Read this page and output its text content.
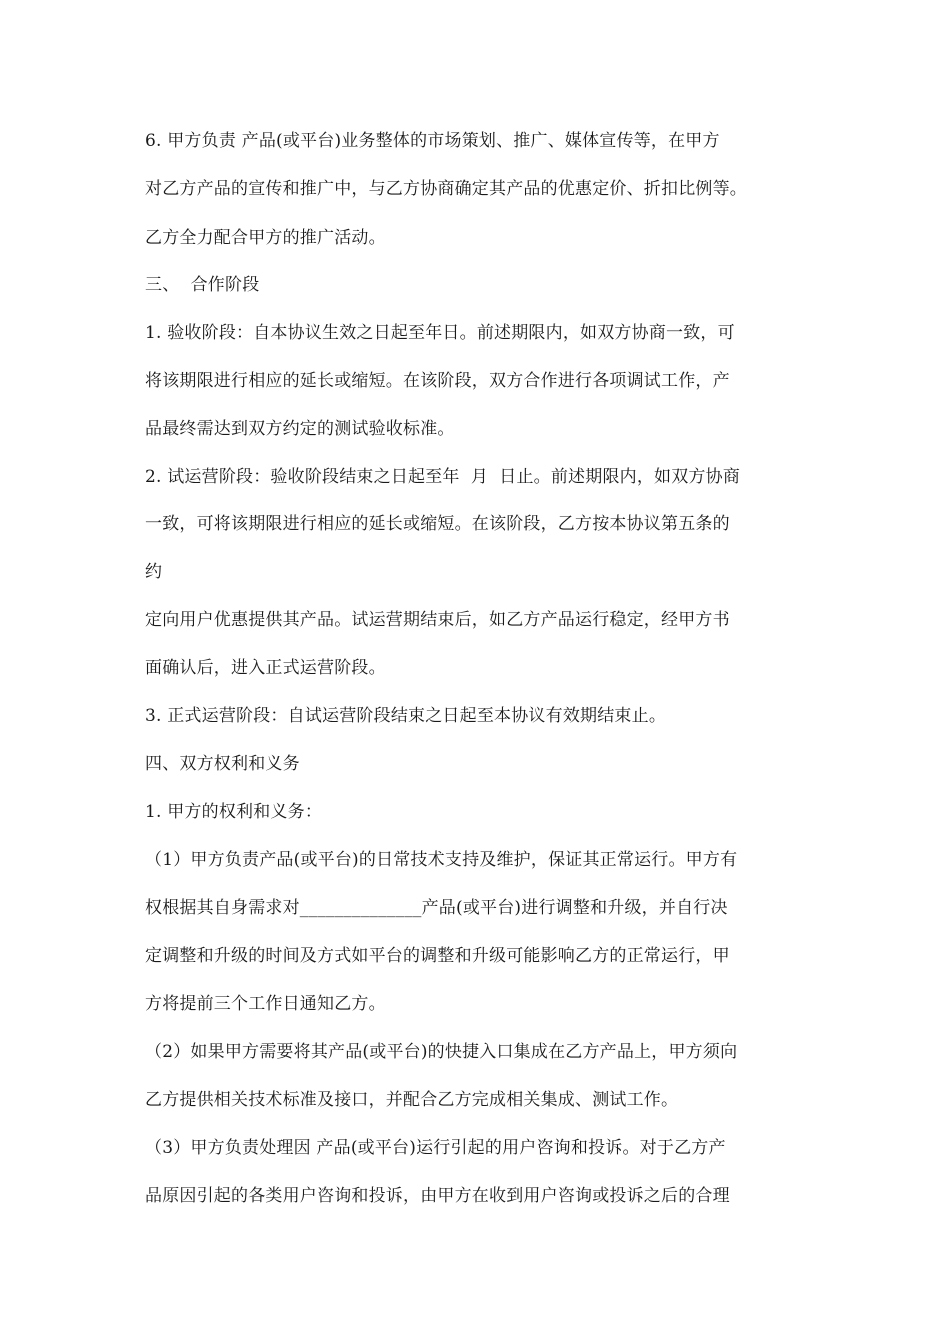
6. 甲方负责 产品(或平台)业务整体的市场策划、推广、媒体宣传等，在甲方
对乙方产品的宣传和推广中，与乙方协商确定其产品的优惠定价、折扣比例等。
乙方全力配合甲方的推广活动。
三、  合作阶段
1. 验收阶段：自本协议生效之日起至年日。前述期限内，如双方协商一致，可
将该期限进行相应的延长或缩短。在该阶段，双方合作进行各项调试工作，产
品最终需达到双方约定的测试验收标准。
2. 试运营阶段：验收阶段结束之日起至年  月  日止。前述期限内，如双方协商
一致，可将该期限进行相应的延长或缩短。在该阶段，乙方按本协议第五条的
约
定向用户优惠提供其产品。试运营期结束后，如乙方产品运行稳定，经甲方书
面确认后，进入正式运营阶段。
3. 正式运营阶段：自试运营阶段结束之日起至本协议有效期结束止。
四、双方权利和义务
1. 甲方的权利和义务：
（1）甲方负责产品(或平台)的日常技术支持及维护，保证其正常运行。甲方有
权根据其自身需求对______________产品(或平台)进行调整和升级，并自行决
定调整和升级的时间及方式如平台的调整和升级可能影响乙方的正常运行，甲
方将提前三个工作日通知乙方。
（2）如果甲方需要将其产品(或平台)的快捷入口集成在乙方产品上，甲方须向
乙方提供相关技术标准及接口，并配合乙方完成相关集成、测试工作。
（3）甲方负责处理因 产品(或平台)运行引起的用户咨询和投诉。对于乙方产
品原因引起的各类用户咨询和投诉，由甲方在收到用户咨询或投诉之后的合理
